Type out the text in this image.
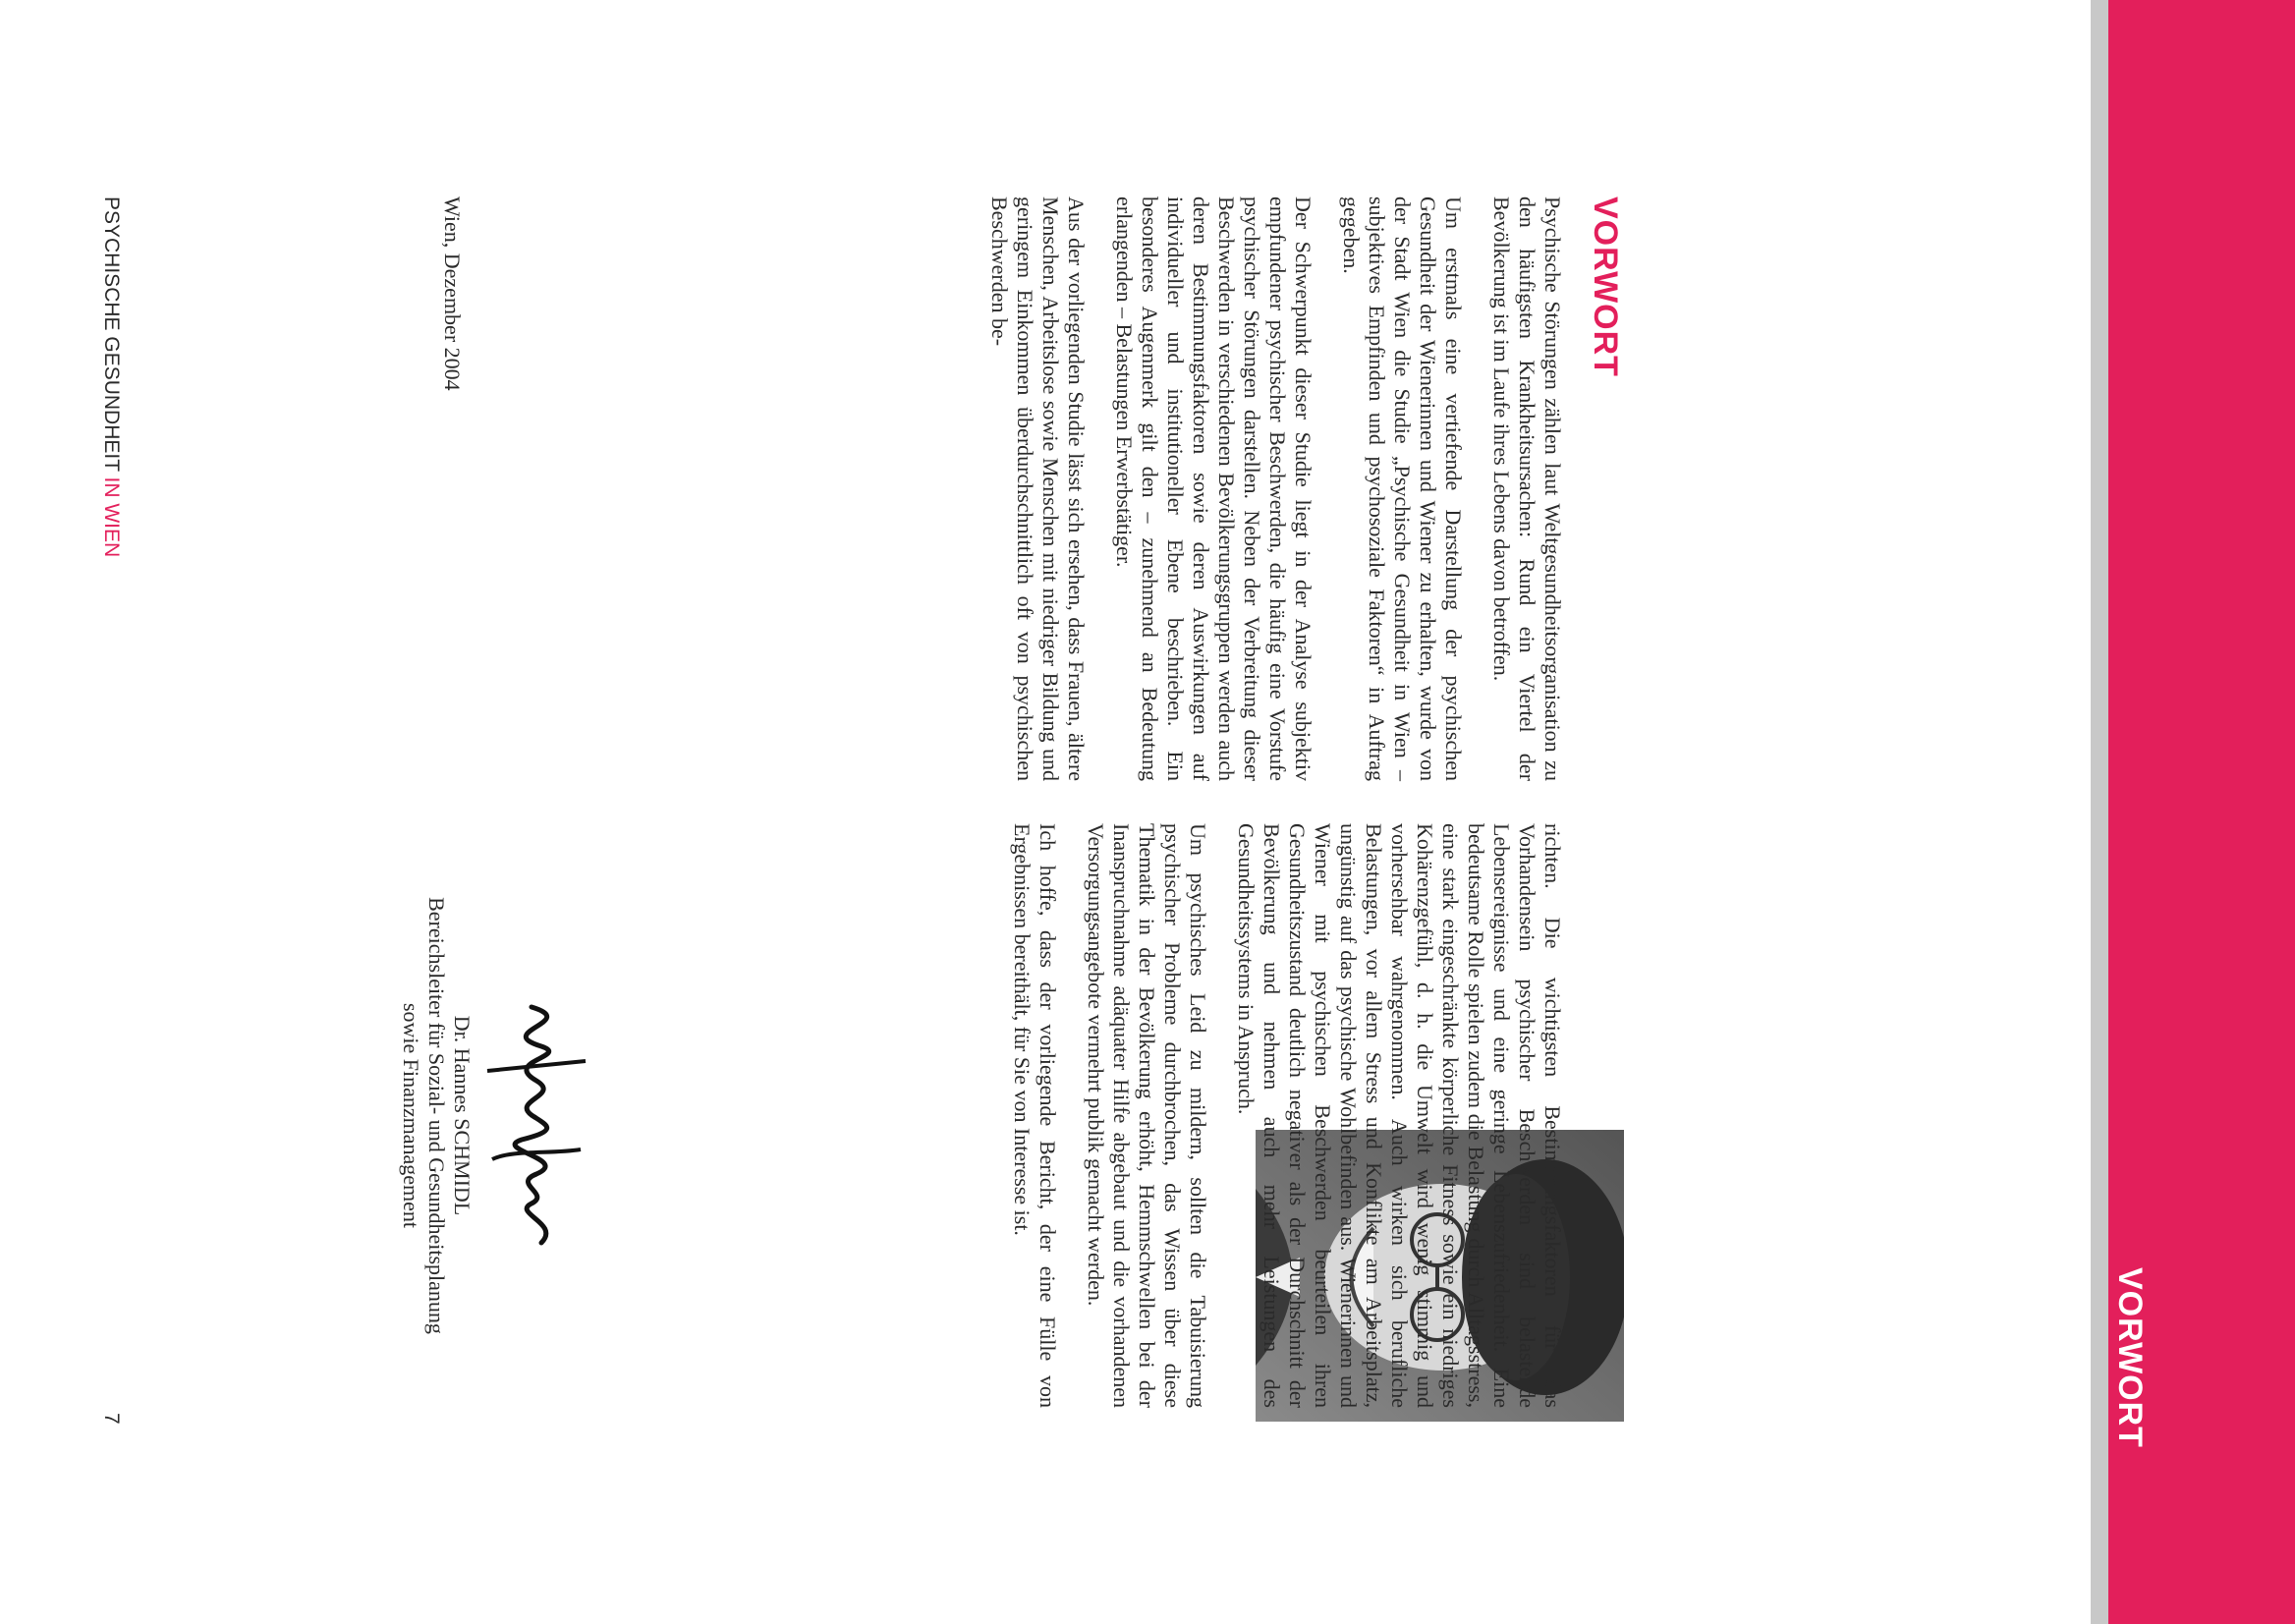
VORWORT
VORWORT

Psychische Störungen zählen laut Weltgesundheitsorganisation zu den häufigsten Krankheitsursachen: Rund ein Viertel der Bevölkerung ist im Laufe ihres Lebens davon betroffen.

Um erstmals eine vertiefende Darstellung der psychischen Gesundheit der Wienerinnen und Wiener zu erhalten, wurde von der Stadt Wien die Studie „Psychische Gesundheit in Wien – subjektives Empfinden und psychosoziale Faktoren“ in Auftrag gegeben.

Der Schwerpunkt dieser Studie liegt in der Analyse subjektiv empfundener psychischer Beschwerden, die häufig eine Vorstufe psychischer Störungen darstellen. Neben der Verbreitung dieser Beschwerden in verschiedenen Bevölkerungsgruppen werden auch deren Bestimmungsfaktoren sowie deren Auswirkungen auf individueller und institutioneller Ebene beschrieben. Ein besonderes Augenmerk gilt den – zunehmend an Bedeutung erlangenden – Belastungen Erwerbstätiger.

Aus der vorliegenden Studie lässt sich ersehen, dass Frauen, ältere Menschen, Arbeitslose sowie Menschen mit niedriger Bildung und geringem Einkommen überdurchschnittlich oft von psychischen Beschwerden be-

richten. Die wichtigsten Bestimmungsfaktoren für das Vorhandensein psychischer Beschwerden sind belastende Lebensereignisse und eine geringe Lebenszufriedenheit. Eine bedeutsame Rolle spielen zudem die Belastung durch Alltagsstress, eine stark eingeschränkte körperliche Fitness sowie ein niedriges Kohärenzgefühl, d. h. die Umwelt wird wenig stimmig und vorhersehbar wahrgenommen. Auch wirken sich berufliche Belastungen, vor allem Stress und Konflikte am Arbeitsplatz, ungünstig auf das psychische Wohlbefinden aus. Wienerinnen und Wiener mit psychischen Beschwerden beurteilen ihren Gesundheitszustand deutlich negativer als der Durchschnitt der Bevölkerung und nehmen auch mehr Leistungen des Gesundheitssystems in Anspruch.

Um psychisches Leid zu mildern, sollten die Tabuisierung psychischer Probleme durchbrochen, das Wissen über diese Thematik in der Bevölkerung erhöht, Hemmschwellen bei der Inanspruchnahme adäquater Hilfe abgebaut und die vorhandenen Versorgungsangebote vermehrt publik gemacht werden.

Ich hoffe, dass der vorliegende Bericht, der eine Fülle von Ergebnissen bereithält, für Sie von Interesse ist.

Wien, Dezember 2004
Dr. Hannes SCHMIDL
Bereichsleiter für Sozial- und Gesundheitsplanung
sowie Finanzmanagement
PSYCHISCHE GESUNDHEIT IN WIEN
7
